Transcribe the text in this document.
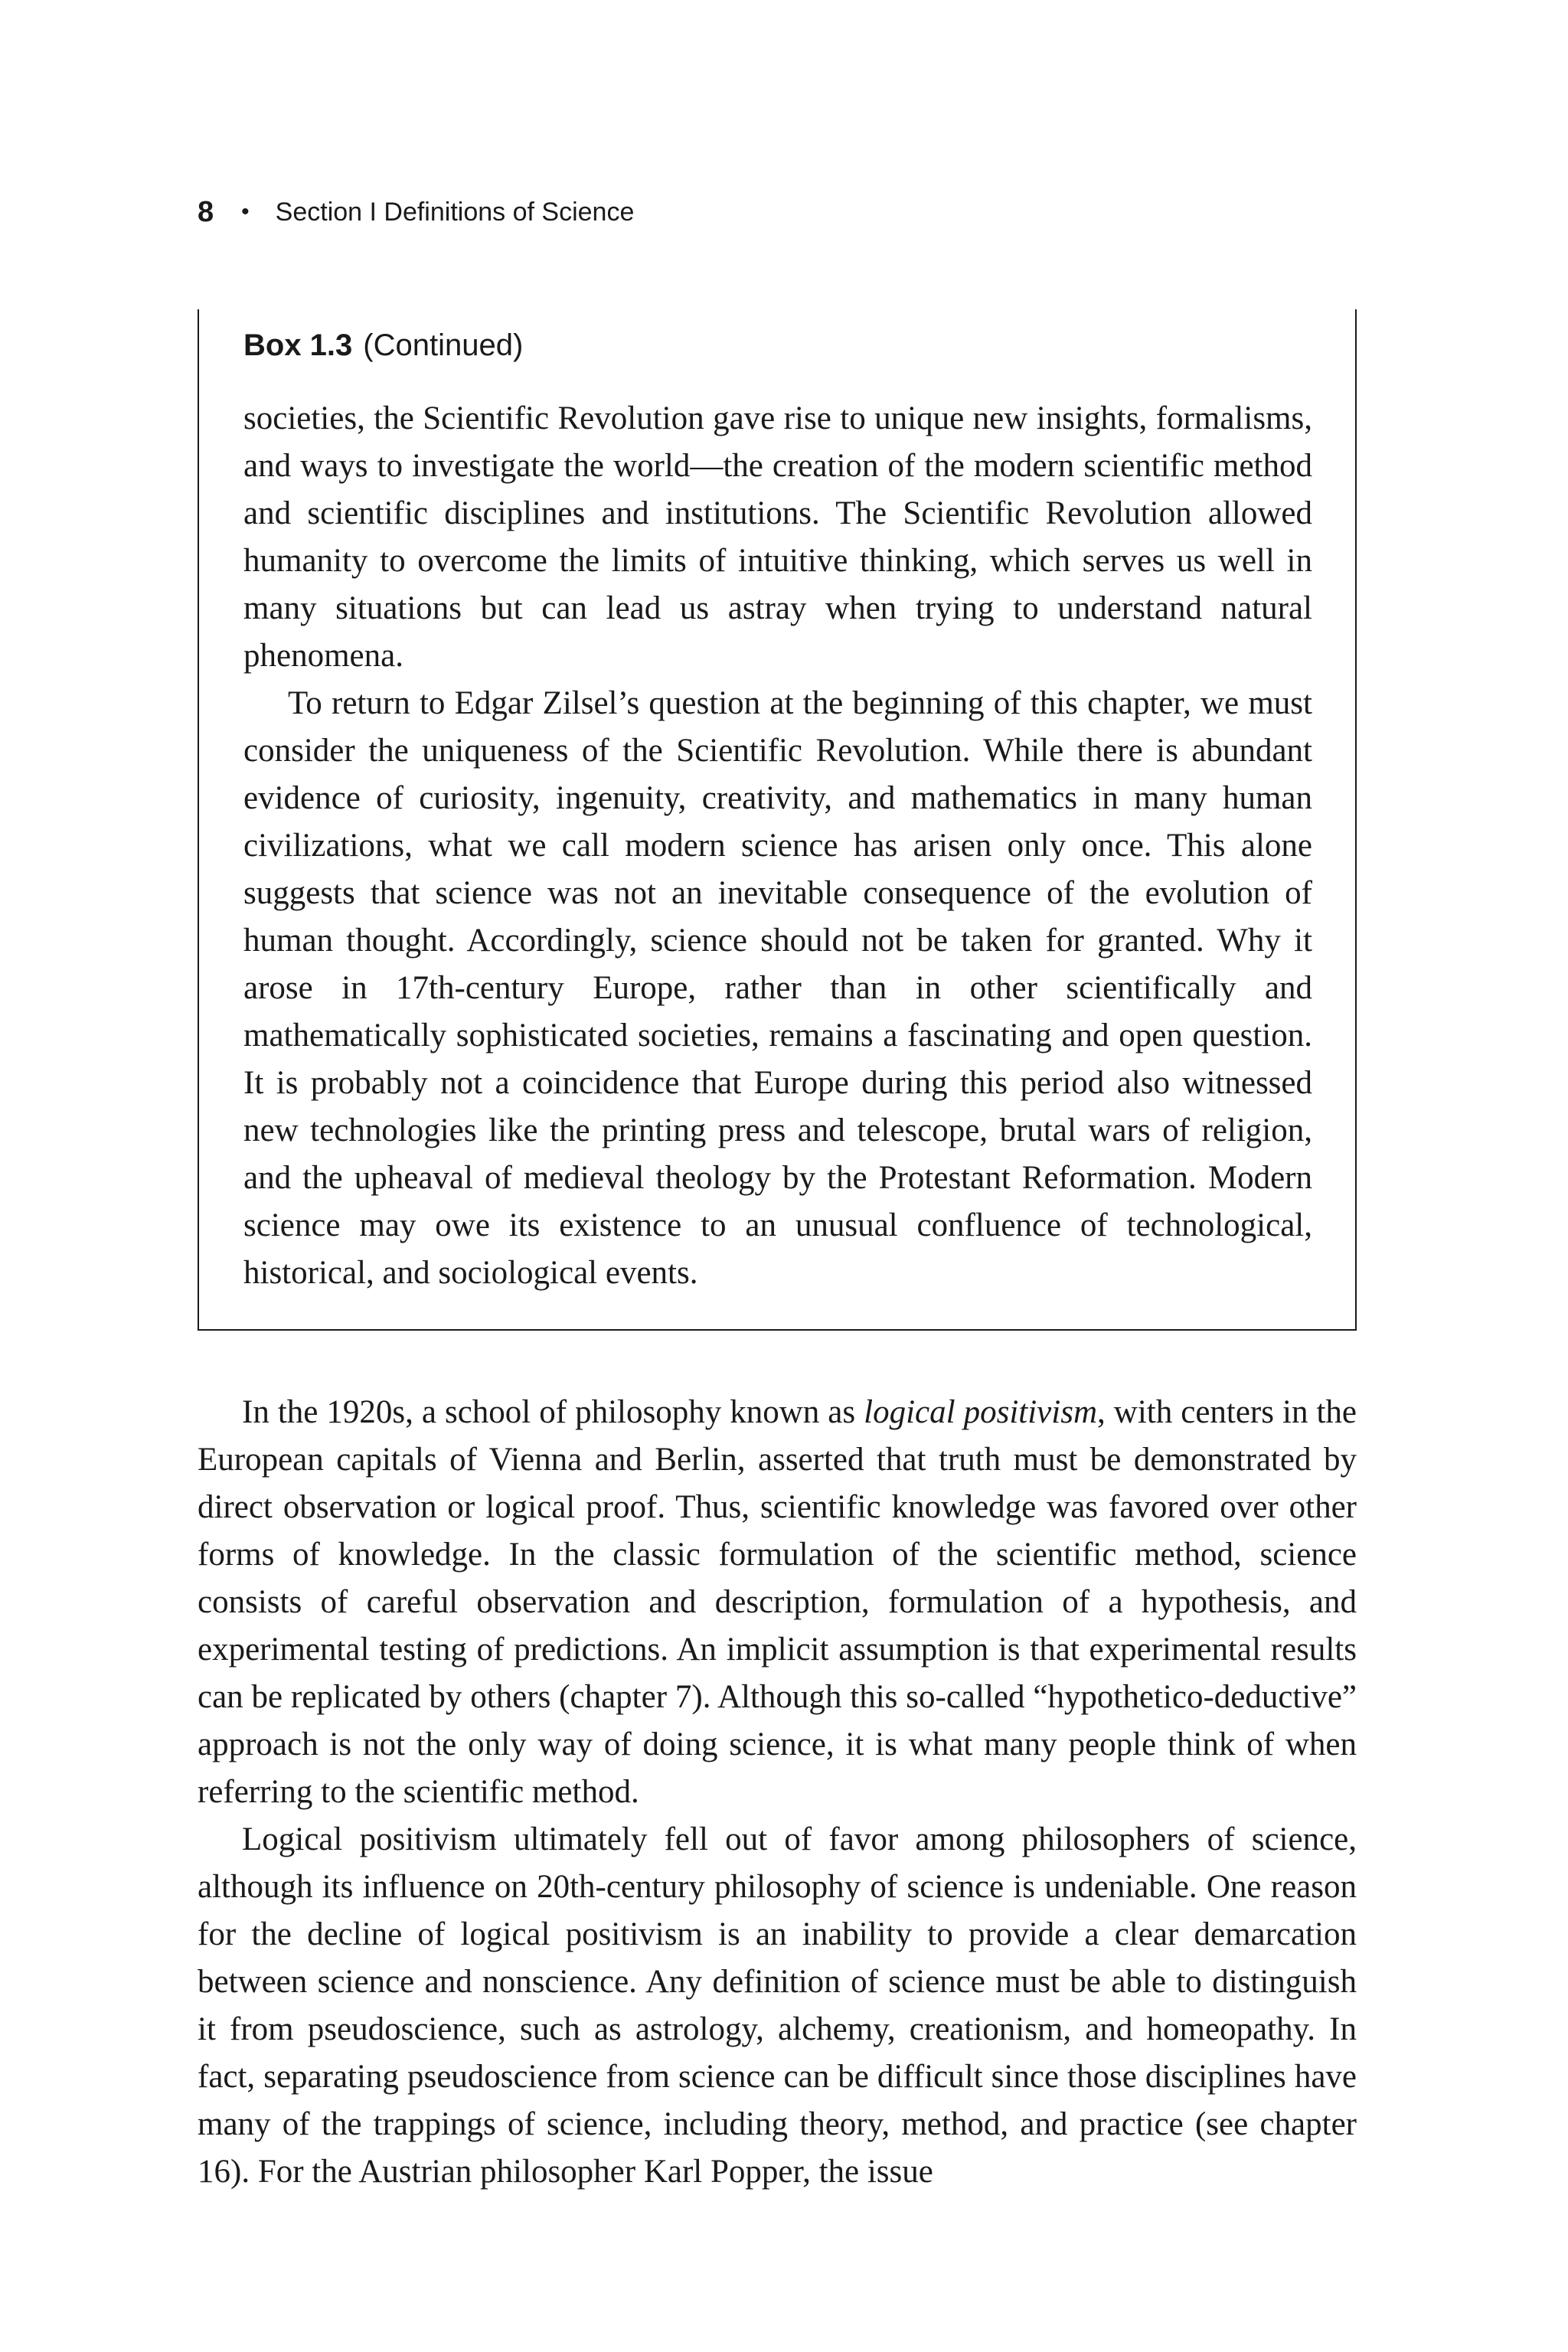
8 • Section I Definitions of Science
Box 1.3 (Continued)

societies, the Scientific Revolution gave rise to unique new insights, formalisms, and ways to investigate the world—the creation of the modern scientific method and scientific disciplines and institutions. The Scientific Revolution allowed humanity to overcome the limits of intuitive thinking, which serves us well in many situations but can lead us astray when trying to understand natural phenomena.

To return to Edgar Zilsel’s question at the beginning of this chapter, we must consider the uniqueness of the Scientific Revolution. While there is abundant evidence of curiosity, ingenuity, creativity, and mathematics in many human civilizations, what we call modern science has arisen only once. This alone suggests that science was not an inevitable consequence of the evolution of human thought. Accordingly, science should not be taken for granted. Why it arose in 17th-century Europe, rather than in other scientifically and mathematically sophisticated societies, remains a fascinating and open question. It is probably not a coincidence that Europe during this period also witnessed new technologies like the printing press and telescope, brutal wars of religion, and the upheaval of medieval theology by the Protestant Reformation. Modern science may owe its existence to an unusual confluence of technological, historical, and sociological events.

In the 1920s, a school of philosophy known as logical positivism, with centers in the European capitals of Vienna and Berlin, asserted that truth must be demonstrated by direct observation or logical proof. Thus, scientific knowledge was favored over other forms of knowledge. In the classic formulation of the scientific method, science consists of careful observation and description, formulation of a hypothesis, and experimental testing of predictions. An implicit assumption is that experimental results can be replicated by others (chapter 7). Although this so-called “hypothetico-deductive” approach is not the only way of doing science, it is what many people think of when referring to the scientific method.

Logical positivism ultimately fell out of favor among philosophers of science, although its influence on 20th-century philosophy of science is undeniable. One reason for the decline of logical positivism is an inability to provide a clear demarcation between science and nonscience. Any definition of science must be able to distinguish it from pseudoscience, such as astrology, alchemy, creationism, and homeopathy. In fact, separating pseudoscience from science can be difficult since those disciplines have many of the trappings of science, including theory, method, and practice (see chapter 16). For the Austrian philosopher Karl Popper, the issue
